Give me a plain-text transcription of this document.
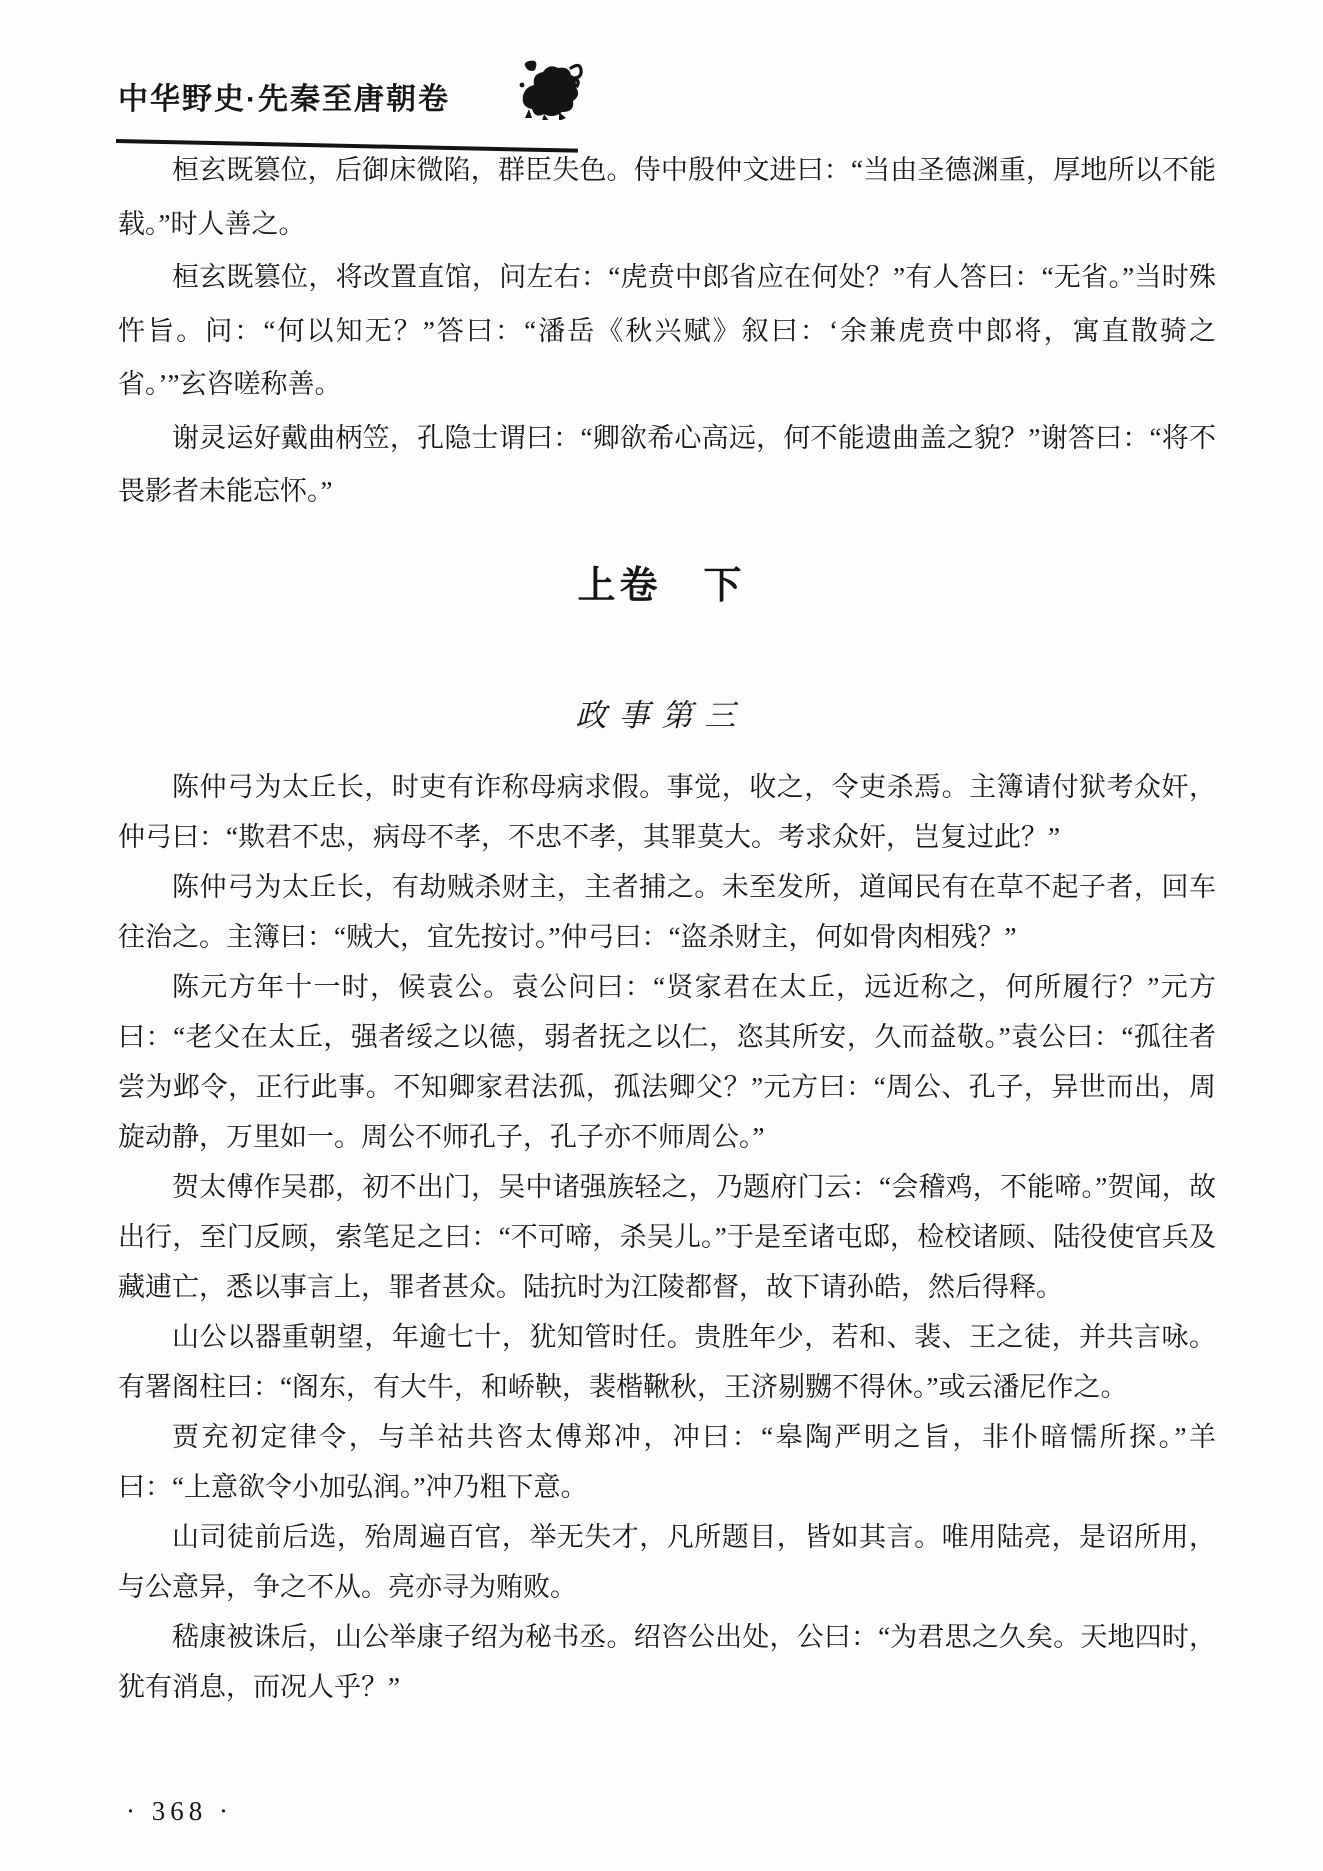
中华野史·先秦至唐朝卷

桓玄既篡位，后御床微陷，群臣失色。侍中殷仲文进曰：“当由圣德渊重，厚地所以不能载。”时人善之。

桓玄既篡位，将改置直馆，问左右：“虎贲中郎省应在何处？”有人答曰：“无省。”当时殊忤旨。问：“何以知无？”答曰：“潘岳《秋兴赋》叙曰：‘余兼虎贲中郎将，寓直散骑之省。’”玄咨嗟称善。

谢灵运好戴曲柄笠，孔隐士谓曰：“卿欲希心高远，何不能遗曲盖之貌？”谢答曰：“将不畏影者未能忘怀。”

上卷　下
政事第三

陈仲弓为太丘长，时吏有诈称母病求假。事觉，收之，令吏杀焉。主簿请付狱考众奸，仲弓曰：“欺君不忠，病母不孝，不忠不孝，其罪莫大。考求众奸，岂复过此？”

陈仲弓为太丘长，有劫贼杀财主，主者捕之。未至发所，道闻民有在草不起子者，回车往治之。主簿曰：“贼大，宜先按讨。”仲弓曰：“盗杀财主，何如骨肉相残？”

陈元方年十一时，候袁公。袁公问曰：“贤家君在太丘，远近称之，何所履行？”元方曰：“老父在太丘，强者绥之以德，弱者抚之以仁，恣其所安，久而益敬。”袁公曰：“孤往者尝为邺令，正行此事。不知卿家君法孤，孤法卿父？”元方曰：“周公、孔子，异世而出，周旋动静，万里如一。周公不师孔子，孔子亦不师周公。”

贺太傅作吴郡，初不出门，吴中诸强族轻之，乃题府门云：“会稽鸡，不能啼。”贺闻，故出行，至门反顾，索笔足之曰：“不可啼，杀吴儿。”于是至诸屯邸，检校诸顾、陆役使官兵及藏逋亡，悉以事言上，罪者甚众。陆抗时为江陵都督，故下请孙皓，然后得释。

山公以器重朝望，年逾七十，犹知管时任。贵胜年少，若和、裴、王之徒，并共言咏。有署阁柱曰：“阁东，有大牛，和峤鞅，裴楷鞦秋，王济剔嬲不得休。”或云潘尼作之。

贾充初定律令，与羊祜共咨太傅郑冲，冲曰：“皋陶严明之旨，非仆暗懦所探。”羊曰：“上意欲令小加弘润。”冲乃粗下意。

山司徒前后选，殆周遍百官，举无失才，凡所题目，皆如其言。唯用陆亮，是诏所用，与公意异，争之不从。亮亦寻为贿败。

嵇康被诛后，山公举康子绍为秘书丞。绍咨公出处，公曰：“为君思之久矣。天地四时，犹有消息，而况人乎？”

· 368 ·
